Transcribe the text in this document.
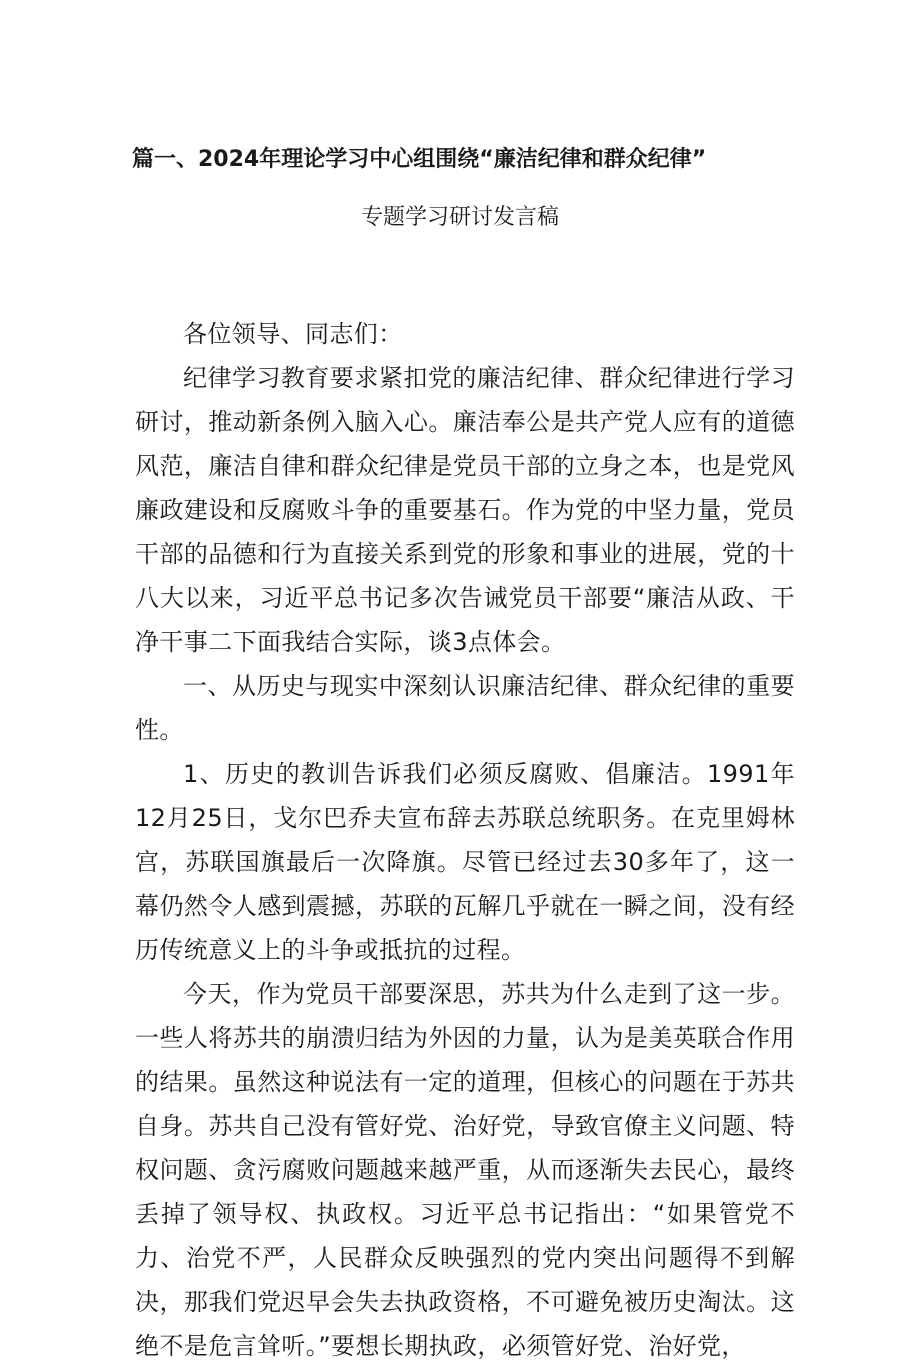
篇一、2024年理论学习中心组围绕“廉洁纪律和群众纪律”
专题学习研讨发言稿

各位领导、同志们：

纪律学习教育要求紧扣党的廉洁纪律、群众纪律进行学习研讨，推动新条例入脑入心。廉洁奉公是共产党人应有的道德风范，廉洁自律和群众纪律是党员干部的立身之本，也是党风廉政建设和反腐败斗争的重要基石。作为党的中坚力量，党员干部的品德和行为直接关系到党的形象和事业的进展，党的十八大以来，习近平总书记多次告诫党员干部要“廉洁从政、干净干事二下面我结合实际，谈3点体会。

一、从历史与现实中深刻认识廉洁纪律、群众纪律的重要性。

1、历史的教训告诉我们必须反腐败、倡廉洁。1991年12月25日，戈尔巴乔夫宣布辞去苏联总统职务。在克里姆林宫，苏联国旗最后一次降旗。尽管已经过去30多年了，这一幕仍然令人感到震撼，苏联的瓦解几乎就在一瞬之间，没有经历传统意义上的斗争或抵抗的过程。

今天，作为党员干部要深思，苏共为什么走到了这一步。一些人将苏共的崩溃归结为外因的力量，认为是美英联合作用的结果。虽然这种说法有一定的道理，但核心的问题在于苏共自身。苏共自己没有管好党、治好党，导致官僚主义问题、特权问题、贪污腐败问题越来越严重，从而逐渐失去民心，最终丢掉了领导权、执政权。习近平总书记指出：“如果管党不力、治党不严，人民群众反映强烈的党内突出问题得不到解决，那我们党迟早会失去执政资格，不可避免被历史淘汰。这绝不是危言耸听。”要想长期执政，必须管好党、治好党，
